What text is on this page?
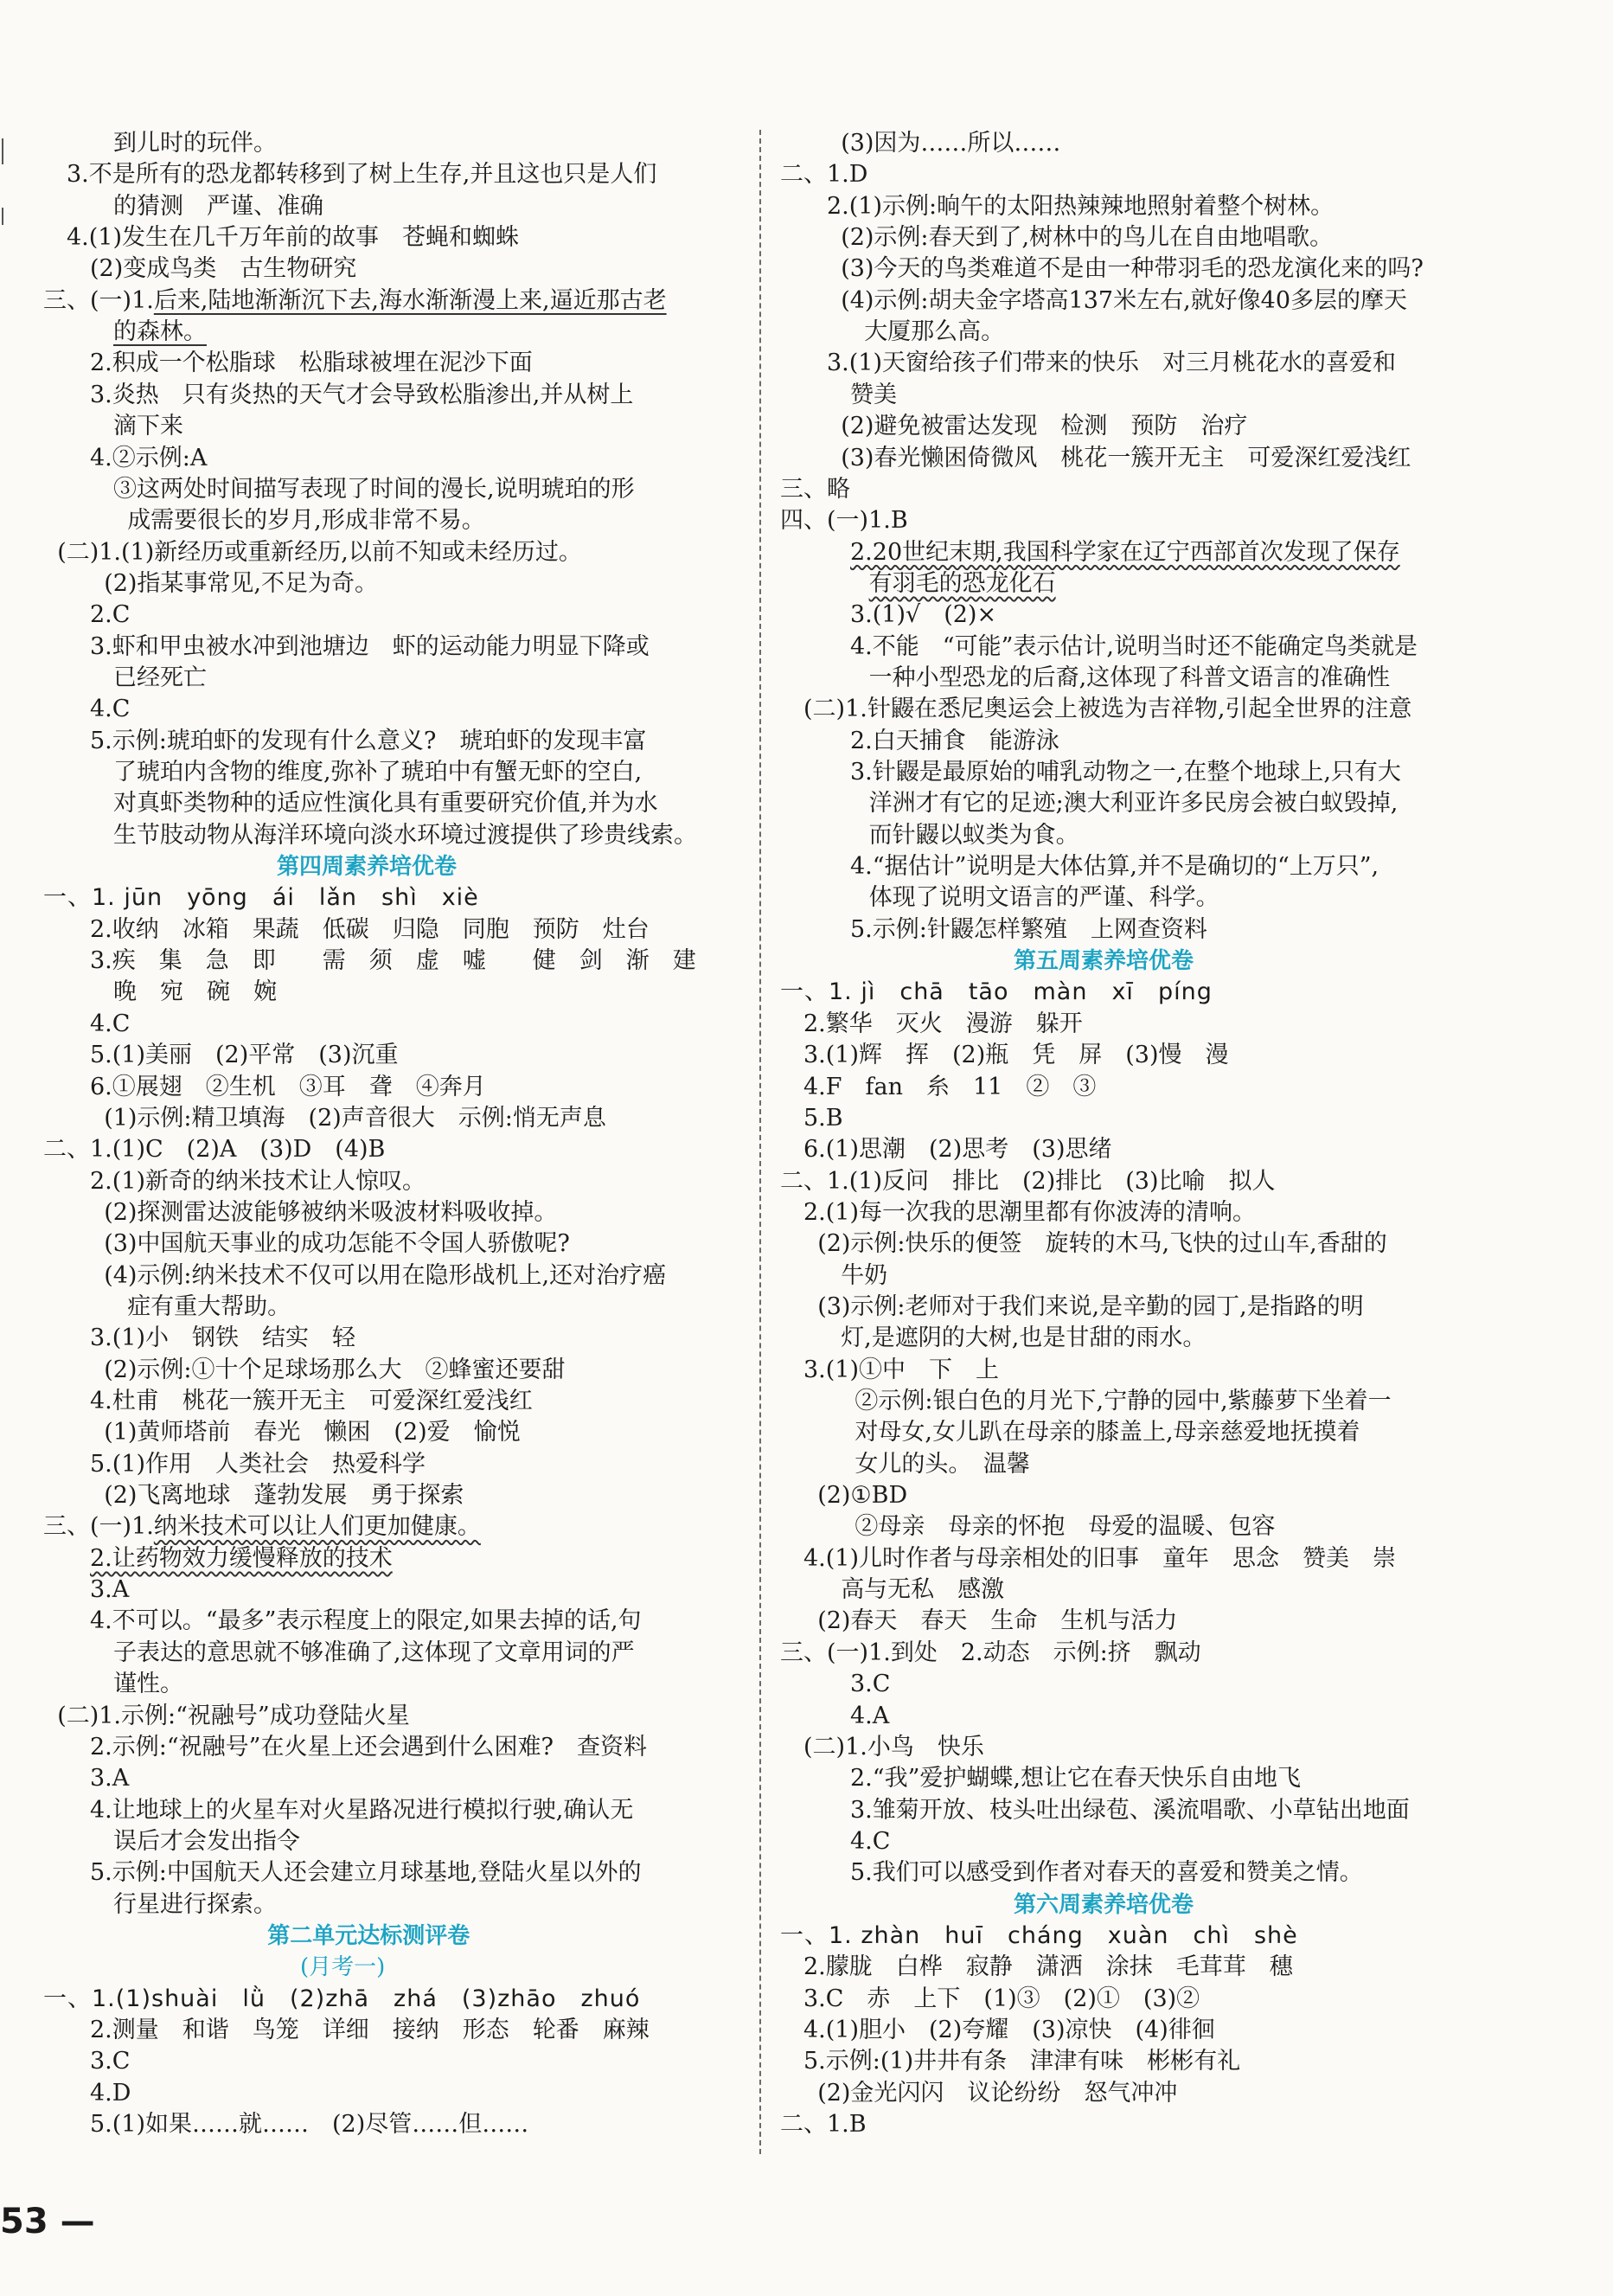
到儿时的玩伴。
3.不是所有的恐龙都转移到了树上生存,并且这也只是人们
的猜测　严谨、准确
4.(1)发生在几千万年前的故事　苍蝇和蜘蛛
(2)变成鸟类　古生物研究
三、(一)1.后来,陆地渐渐沉下去,海水渐渐漫上来,逼近那古老
的森林。
2.积成一个松脂球　松脂球被埋在泥沙下面
3.炎热　只有炎热的天气才会导致松脂渗出,并从树上
滴下来
4.②示例:A
③这两处时间描写表现了时间的漫长,说明琥珀的形
成需要很长的岁月,形成非常不易。
(二)1.(1)新经历或重新经历,以前不知或未经历过。
(2)指某事常见,不足为奇。
2.C
3.虾和甲虫被水冲到池塘边　虾的运动能力明显下降或
已经死亡
4.C
5.示例:琥珀虾的发现有什么意义?　琥珀虾的发现丰富
了琥珀内含物的维度,弥补了琥珀中有蟹无虾的空白,
对真虾类物种的适应性演化具有重要研究价值,并为水
生节肢动物从海洋环境向淡水环境过渡提供了珍贵线索。
第四周素养培优卷
一、1. jūn　yōng　ái　lǎn　shì　xiè
2.收纳　冰箱　果蔬　低碳　归隐　同胞　预防　灶台
3.疾　集　急　即　　需　须　虚　嘘　　健　剑　渐　建
晚　宛　碗　婉
4.C
5.(1)美丽　(2)平常　(3)沉重
6.①展翅　②生机　③耳　聋　④奔月
(1)示例:精卫填海　(2)声音很大　示例:悄无声息
二、1.(1)C　(2)A　(3)D　(4)B
2.(1)新奇的纳米技术让人惊叹。
(2)探测雷达波能够被纳米吸波材料吸收掉。
(3)中国航天事业的成功怎能不令国人骄傲呢?
(4)示例:纳米技术不仅可以用在隐形战机上,还对治疗癌
症有重大帮助。
3.(1)小　钢铁　结实　轻
(2)示例:①十个足球场那么大　②蜂蜜还要甜
4.杜甫　桃花一簇开无主　可爱深红爱浅红
(1)黄师塔前　春光　懒困　(2)爱　愉悦
5.(1)作用　人类社会　热爱科学
(2)飞离地球　蓬勃发展　勇于探索
三、(一)1.纳米技术可以让人们更加健康。
2.让药物效力缓慢释放的技术
3.A
4.不可以。“最多”表示程度上的限定,如果去掉的话,句
子表达的意思就不够准确了,这体现了文章用词的严
谨性。
(二)1.示例:“祝融号”成功登陆火星
2.示例:“祝融号”在火星上还会遇到什么困难?　查资料
3.A
4.让地球上的火星车对火星路况进行模拟行驶,确认无
误后才会发出指令
5.示例:中国航天人还会建立月球基地,登陆火星以外的
行星进行探索。
第二单元达标测评卷
(月考一)
一、1.(1)shuài　lǜ　(2)zhā　zhá　(3)zhāo　zhuó
2.测量　和谐　鸟笼　详细　接纳　形态　轮番　麻辣
3.C
4.D
5.(1)如果……就……　(2)尽管……但……
(3)因为……所以……
二、1.D
2.(1)示例:晌午的太阳热辣辣地照射着整个树林。
(2)示例:春天到了,树林中的鸟儿在自由地唱歌。
(3)今天的鸟类难道不是由一种带羽毛的恐龙演化来的吗?
(4)示例:胡夫金字塔高137米左右,就好像40多层的摩天
大厦那么高。
3.(1)天窗给孩子们带来的快乐　对三月桃花水的喜爱和
赞美
(2)避免被雷达发现　检测　预防　治疗
(3)春光懒困倚微风　桃花一簇开无主　可爱深红爱浅红
三、略
四、(一)1.B
2.20世纪末期,我国科学家在辽宁西部首次发现了保存
有羽毛的恐龙化石
3.(1)√　(2)×
4.不能　“可能”表示估计,说明当时还不能确定鸟类就是
一种小型恐龙的后裔,这体现了科普文语言的准确性
(二)1.针鼹在悉尼奥运会上被选为吉祥物,引起全世界的注意
2.白天捕食　能游泳
3.针鼹是最原始的哺乳动物之一,在整个地球上,只有大
洋洲才有它的足迹;澳大利亚许多民房会被白蚁毁掉,
而针鼹以蚁类为食。
4.“据估计”说明是大体估算,并不是确切的“上万只”,
体现了说明文语言的严谨、科学。
5.示例:针鼹怎样繁殖　上网查资料
第五周素养培优卷
一、1. jì　chā　tāo　màn　xī　píng
2.繁华　灭火　漫游　躲开
3.(1)辉　挥　(2)瓶　凭　屏　(3)慢　漫
4.F　fan　糸　11　②　③
5.B
6.(1)思潮　(2)思考　(3)思绪
二、1.(1)反问　排比　(2)排比　(3)比喻　拟人
2.(1)每一次我的思潮里都有你波涛的清响。
(2)示例:快乐的便签　旋转的木马,飞快的过山车,香甜的
牛奶
(3)示例:老师对于我们来说,是辛勤的园丁,是指路的明
灯,是遮阴的大树,也是甘甜的雨水。
3.(1)①中　下　上
②示例:银白色的月光下,宁静的园中,紫藤萝下坐着一
对母女,女儿趴在母亲的膝盖上,母亲慈爱地抚摸着
女儿的头。　温馨
(2)①BD
②母亲　母亲的怀抱　母爱的温暖、包容
4.(1)儿时作者与母亲相处的旧事　童年　思念　赞美　崇
高与无私　感激
(2)春天　春天　生命　生机与活力
三、(一)1.到处　2.动态　示例:挤　飘动
3.C
4.A
(二)1.小鸟　快乐
2.“我”爱护蝴蝶,想让它在春天快乐自由地飞
3.雏菊开放、枝头吐出绿苞、溪流唱歌、小草钻出地面
4.C
5.我们可以感受到作者对春天的喜爱和赞美之情。
第六周素养培优卷
一、1. zhàn　huī　cháng　xuàn　chì　shè
2.朦胧　白桦　寂静　潇洒　涂抹　毛茸茸　穗
3.C　赤　上下　(1)③　(2)①　(3)②
4.(1)胆小　(2)夸耀　(3)凉快　(4)徘徊
5.示例:(1)井井有条　津津有味　彬彬有礼
(2)金光闪闪　议论纷纷　怒气冲冲
二、1.B
53 —
